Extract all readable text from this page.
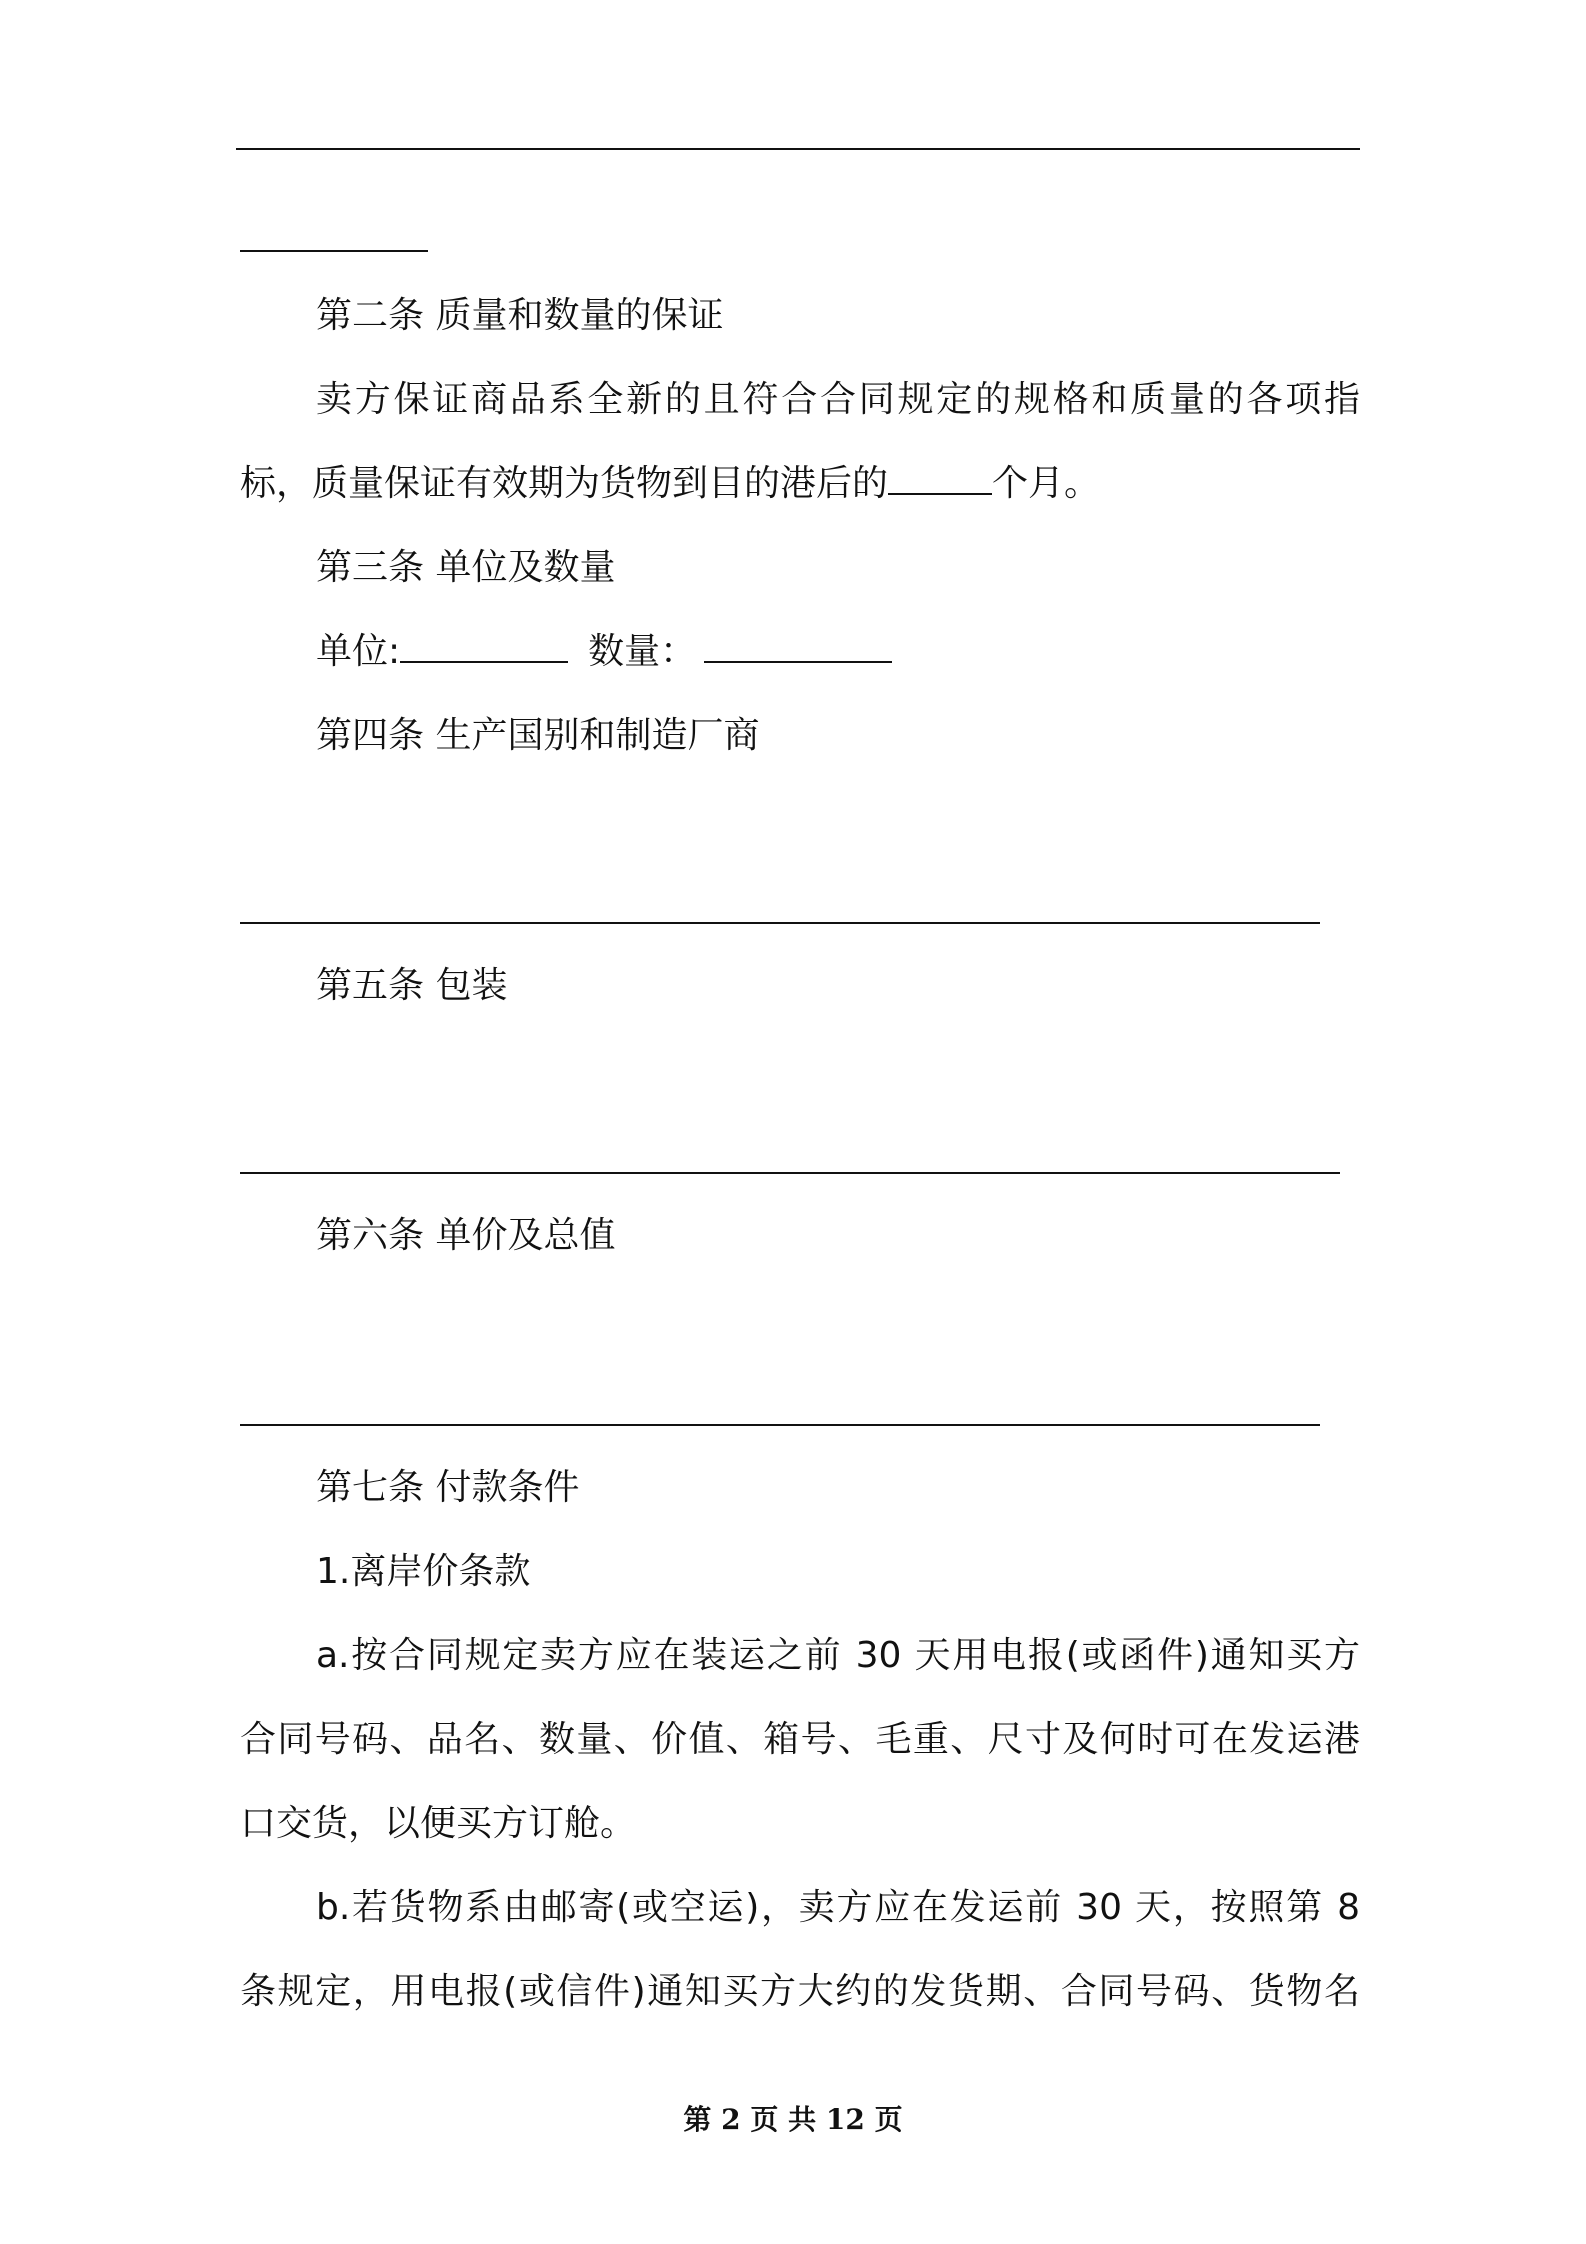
第二条 质量和数量的保证
卖方保证商品系全新的且符合合同规定的规格和质量的各项指
标，质量保证有效期为货物到目的港后的	个月。
第三条 单位及数量
单位:	数量：
第四条 生产国别和制造厂商
第五条 包装
第六条 单价及总值
第七条 付款条件
1.离岸价条款
a.按合同规定卖方应在装运之前 30 天用电报(或函件)通知买方
合同号码、品名、数量、价值、箱号、毛重、尺寸及何时可在发运港
口交货，以便买方订舱。
b.若货物系由邮寄(或空运)，卖方应在发运前 30 天，按照第 8
条规定，用电报(或信件)通知买方大约的发货期、合同号码、货物名
第 2 页 共 12 页
